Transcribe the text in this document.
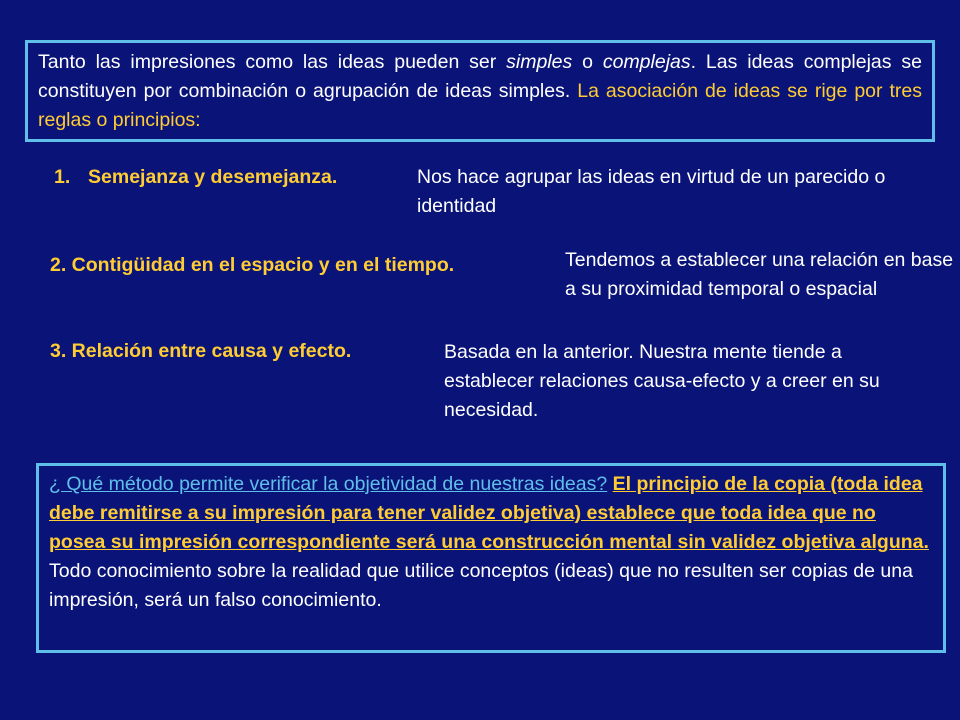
Tanto las impresiones como las ideas pueden ser simples o complejas. Las ideas complejas se constituyen por combinación o agrupación de ideas simples. La asociación de ideas se rige por tres reglas o principios:
1. Semejanza y desemejanza.	Nos hace agrupar las ideas en virtud de un parecido o identidad
2. Contigüidad en el espacio y en el tiempo.	Tendemos a establecer una relación en base a su proximidad temporal o espacial
3. Relación entre causa y efecto.	Basada en la anterior. Nuestra mente tiende a establecer relaciones causa-efecto y a creer en su necesidad.
¿ Qué método permite verificar la objetividad de nuestras ideas? El principio de la copia (toda idea debe remitirse a su impresión para tener validez objetiva) establece que toda idea que no posea su impresión correspondiente será una construcción mental sin validez objetiva alguna. Todo conocimiento sobre la realidad que utilice conceptos (ideas) que no resulten ser copias de una impresión, será un falso conocimiento.
